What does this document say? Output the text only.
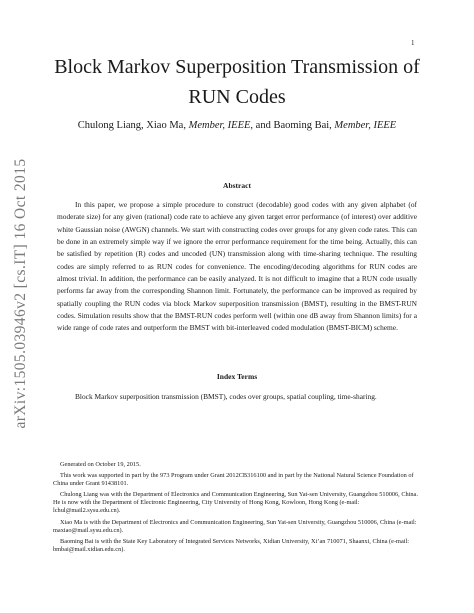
1
arXiv:1505.03946v2 [cs.IT] 16 Oct 2015
Block Markov Superposition Transmission of
RUN Codes
Chulong Liang, Xiao Ma, Member, IEEE, and Baoming Bai, Member, IEEE
Abstract
In this paper, we propose a simple procedure to construct (decodable) good codes with any given alphabet (of moderate size) for any given (rational) code rate to achieve any given target error performance (of interest) over additive white Gaussian noise (AWGN) channels. We start with constructing codes over groups for any given code rates. This can be done in an extremely simple way if we ignore the error performance requirement for the time being. Actually, this can be satisfied by repetition (R) codes and uncoded (UN) transmission along with time-sharing technique. The resulting codes are simply referred to as RUN codes for convenience. The encoding/decoding algorithms for RUN codes are almost trivial. In addition, the performance can be easily analyzed. It is not difficult to imagine that a RUN code usually performs far away from the corresponding Shannon limit. Fortunately, the performance can be improved as required by spatially coupling the RUN codes via block Markov superposition transmission (BMST), resulting in the BMST-RUN codes. Simulation results show that the BMST-RUN codes perform well (within one dB away from Shannon limits) for a wide range of code rates and outperform the BMST with bit-interleaved coded modulation (BMST-BICM) scheme.
Index Terms
Block Markov superposition transmission (BMST), codes over groups, spatial coupling, time-sharing.

Generated on October 19, 2015.

This work was supported in part by the 973 Program under Grant 2012CB316100 and in part by the National Natural Science Foundation of China under Grant 91438101.

Chulong Liang was with the Department of Electronics and Communication Engineering, Sun Yat-sen University, Guangzhou 510006, China. He is now with the Department of Electronic Engineering, City University of Hong Kong, Kowloon, Hong Kong (e-mail: lchul@mail2.sysu.edu.cn).

Xiao Ma is with the Department of Electronics and Communication Engineering, Sun Yat-sen University, Guangzhou 510006, China (e-mail: maxiao@mail.sysu.edu.cn).

Baoming Bai is with the State Key Laboratory of Integrated Services Networks, Xidian University, Xi’an 710071, Shaanxi, China (e-mail: bmbai@mail.xidian.edu.cn).
